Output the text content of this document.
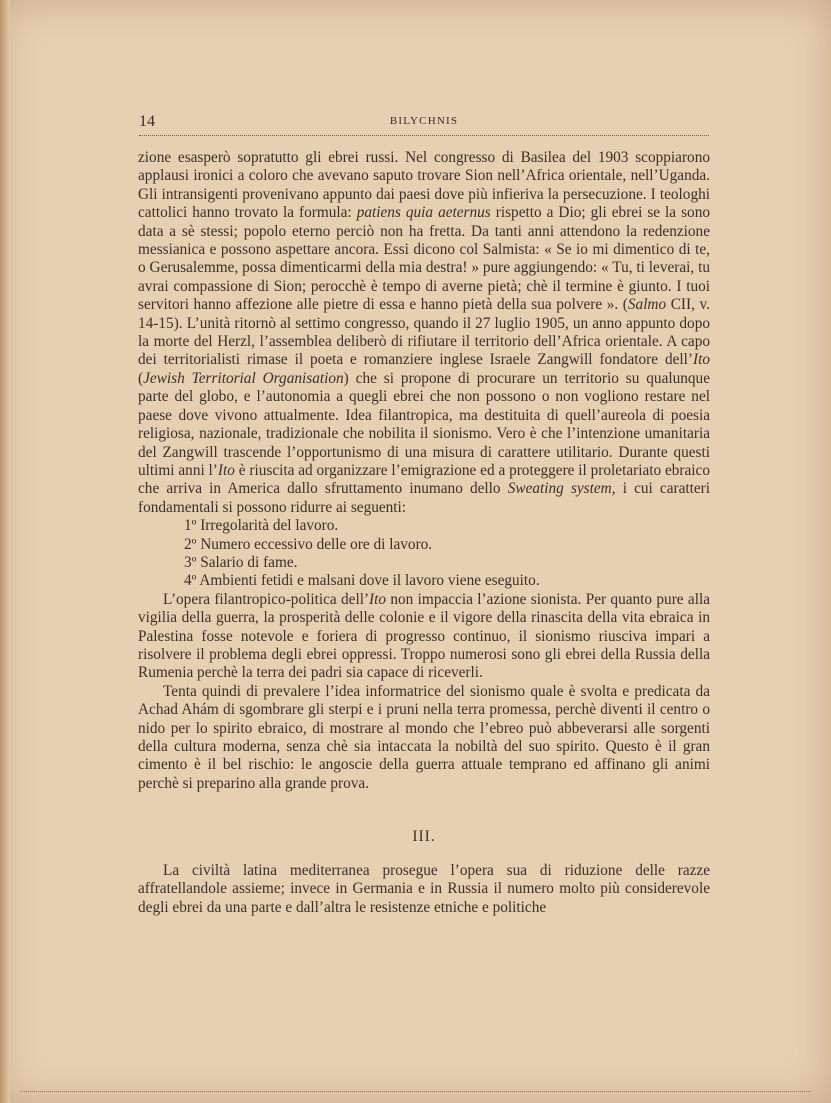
14	BILYCHNIS

zione esasperò sopratutto gli ebrei russi. Nel congresso di Basilea del 1903 scoppiarono applausi ironici a coloro che avevano saputo trovare Sion nell’Africa orientale, nell’Uganda. Gli intransigenti provenivano appunto dai paesi dove più infieriva la persecuzione. I teologhi cattolici hanno trovato la formula: patiens quia aeternus rispetto a Dio; gli ebrei se la sono data a sè stessi; popolo eterno perciò non ha fretta. Da tanti anni attendono la redenzione messianica e possono aspettare ancora. Essi dicono col Salmista: « Se io mi dimentico di te, o Gerusalemme, possa dimenticarmi della mia destra! » pure aggiungendo: « Tu, ti leverai, tu avrai compassione di Sion; perocchè è tempo di averne pietà; chè il termine è giunto. I tuoi servitori hanno affezione alle pietre di essa e hanno pietà della sua polvere ». (Salmo CII, v. 14-15). L’unità ritornò al settimo congresso, quando il 27 luglio 1905, un anno appunto dopo la morte del Herzl, l’assemblea deliberò di rifiutare il territorio dell’Africa orientale. A capo dei territorialisti rimase il poeta e romanziere inglese Israele Zangwill fondatore dell’Ito (Jewish Territorial Organisation) che si propone di procurare un territorio su qualunque parte del globo, e l’autonomia a quegli ebrei che non possono o non vogliono restare nel paese dove vivono attualmente. Idea filantropica, ma destituita di quell’aureola di poesia religiosa, nazionale, tradizionale che nobilita il sionismo. Vero è che l’intenzione umanitaria del Zangwill trascende l’opportunismo di una misura di carattere utilitario. Durante questi ultimi anni l’Ito è riuscita ad organizzare l’emigrazione ed a proteggere il proletariato ebraico che arriva in America dallo sfruttamento inumano dello Sweating system, i cui caratteri fondamentali si possono ridurre ai seguenti:

1º Irregolarità del lavoro.
2º Numero eccessivo delle ore di lavoro.
3º Salario di fame.
4º Ambienti fetidi e malsani dove il lavoro viene eseguito.

L’opera filantropico-politica dell’Ito non impaccia l’azione sionista. Per quanto pure alla vigilia della guerra, la prosperità delle colonie e il vigore della rinascita della vita ebraica in Palestina fosse notevole e foriera di progresso continuo, il sionismo riusciva impari a risolvere il problema degli ebrei oppressi. Troppo numerosi sono gli ebrei della Russia della Rumenia perchè la terra dei padri sia capace di riceverli.

Tenta quindi di prevalere l’idea informatrice del sionismo quale è svolta e predicata da Achad Ahám di sgombrare gli sterpi e i pruni nella terra promessa, perchè diventi il centro o nido per lo spirito ebraico, di mostrare al mondo che l’ebreo può abbeverarsi alle sorgenti della cultura moderna, senza chè sia intaccata la nobiltà del suo spirito. Questo è il gran cimento è il bel rischio: le angoscie della guerra attuale temprano ed affinano gli animi perchè si preparino alla grande prova.

III.

La civiltà latina mediterranea prosegue l’opera sua di riduzione delle razze affratellandole assieme; invece in Germania e in Russia il numero molto più considerevole degli ebrei da una parte e dall’altra le resistenze etniche e politiche
